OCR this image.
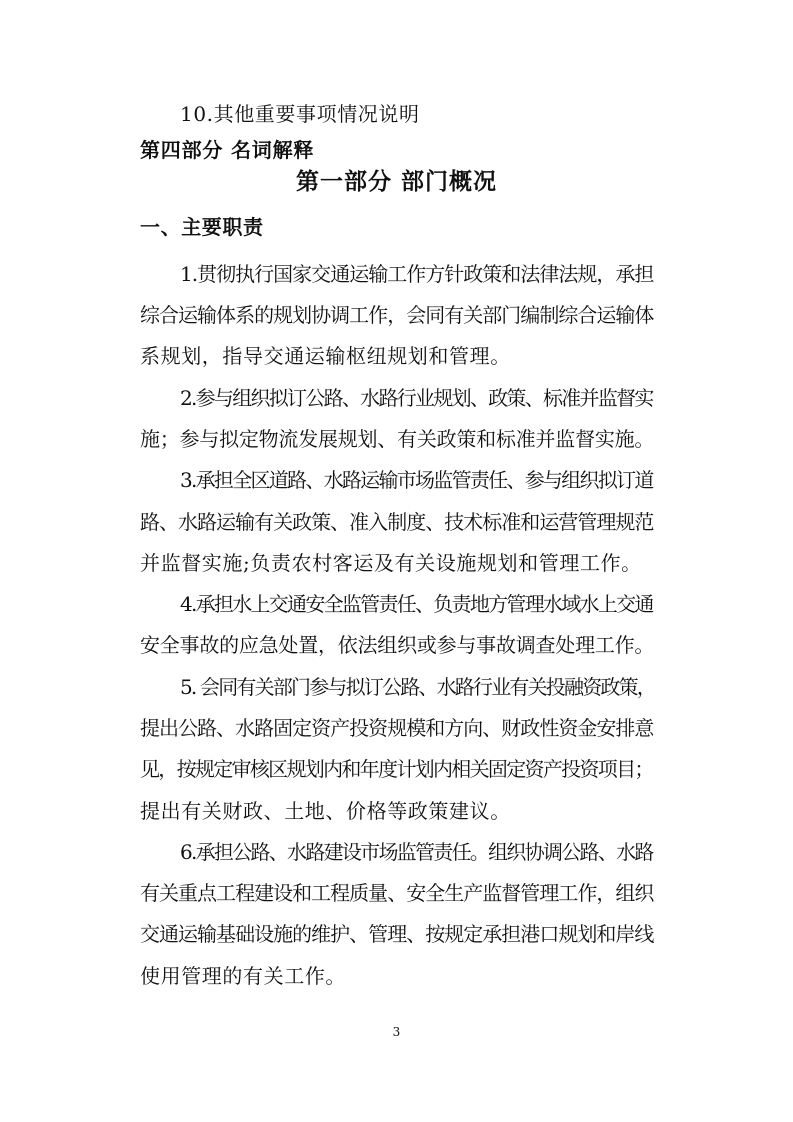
10.其他重要事项情况说明
第四部分 名词解释
第一部分 部门概况
一、主要职责
1.贯彻执行国家交通运输工作方针政策和法律法规，承担
综合运输体系的规划协调工作，会同有关部门编制综合运输体
系规划，指导交通运输枢纽规划和管理。
2.参与组织拟订公路、水路行业规划、政策、标准并监督实
施；参与拟定物流发展规划、有关政策和标准并监督实施。
3.承担全区道路、水路运输市场监管责任、参与组织拟订道
路、水路运输有关政策、准入制度、技术标准和运营管理规范
并监督实施;负责农村客运及有关设施规划和管理工作。
4.承担水上交通安全监管责任、负责地方管理水域水上交通
安全事故的应急处置，依法组织或参与事故调查处理工作。
5. 会同有关部门参与拟订公路、水路行业有关投融资政策，
提出公路、水路固定资产投资规模和方向、财政性资金安排意
见，按规定审核区规划内和年度计划内相关固定资产投资项目；
提出有关财政、土地、价格等政策建议。
6.承担公路、水路建设市场监管责任。组织协调公路、水路
有关重点工程建设和工程质量、安全生产监督管理工作，组织
交通运输基础设施的维护、管理、按规定承担港口规划和岸线
使用管理的有关工作。
3
